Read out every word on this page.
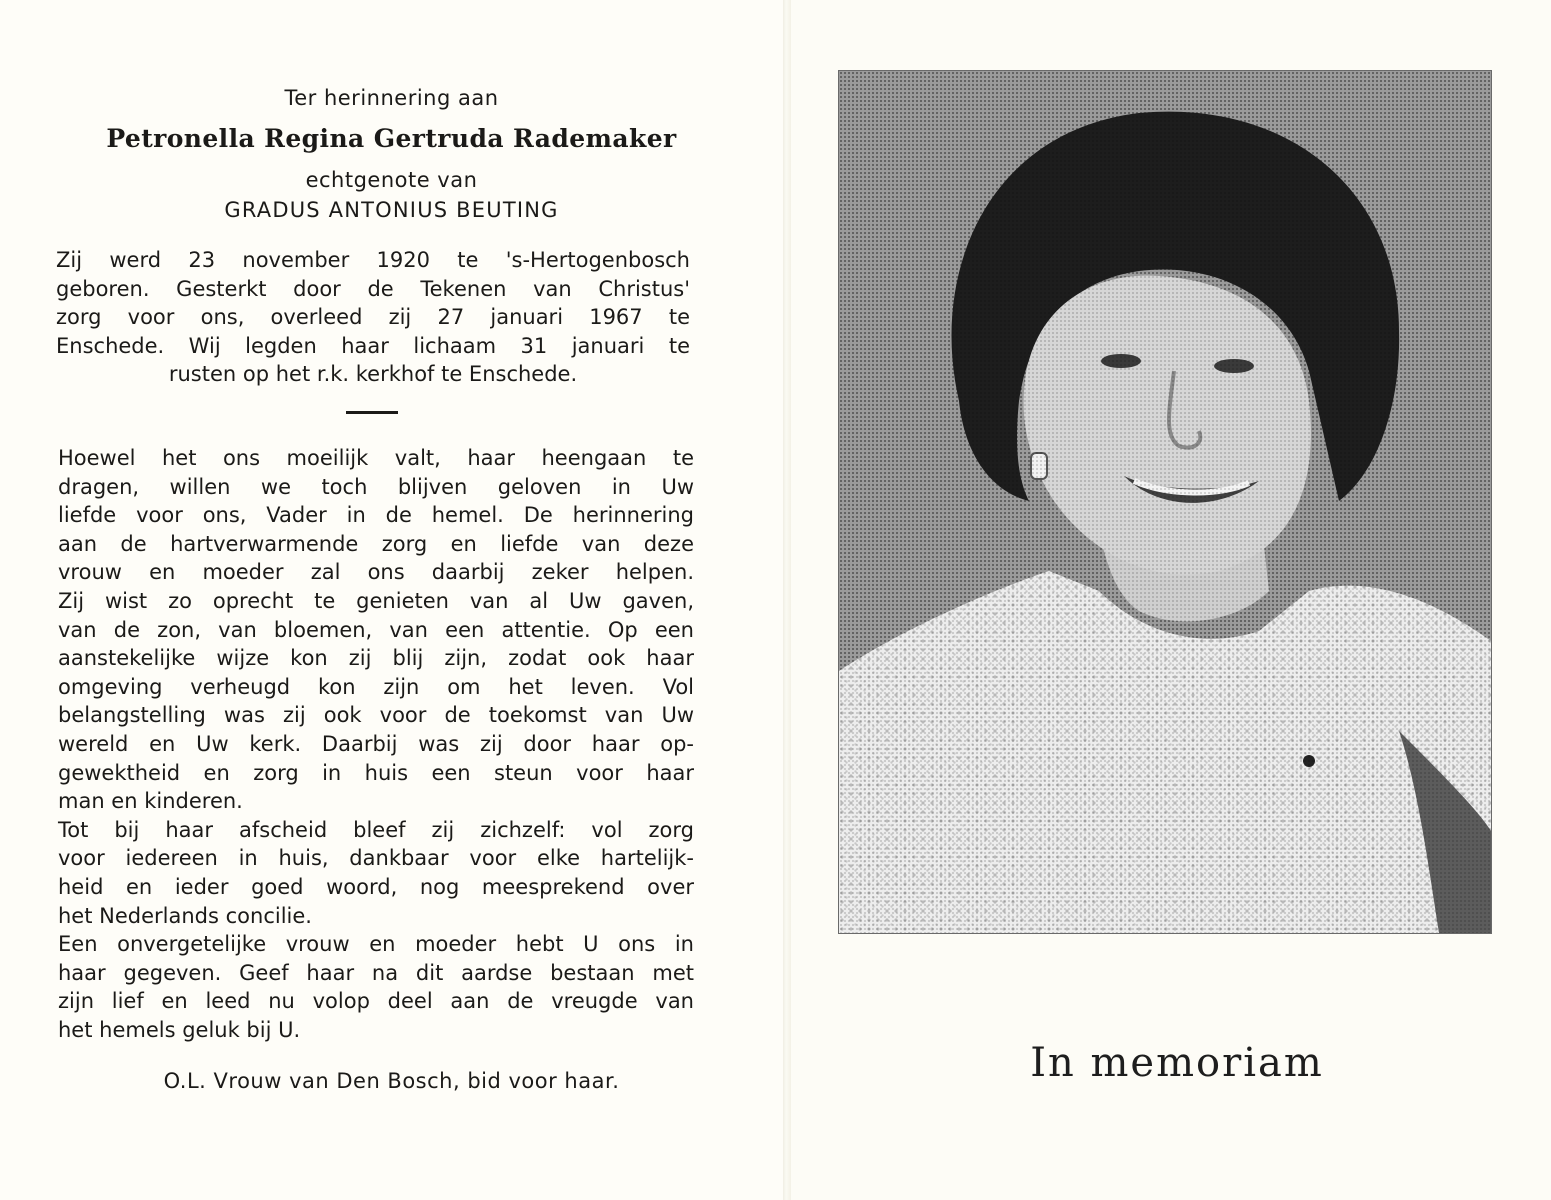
Ter herinnering aan
Petronella Regina Gertruda Rademaker
echtgenote van
GRADUS ANTONIUS BEUTING

Zij werd 23 november 1920 te 's-Hertogenbosch

geboren. Gesterkt door de Tekenen van Christus'

zorg voor ons, overleed zij 27 januari 1967 te

Enschede. Wij legden haar lichaam 31 januari te

rusten op het r.k. kerkhof te Enschede.

Hoewel het ons moeilijk valt, haar heengaan te

dragen, willen we toch blijven geloven in Uw

liefde voor ons, Vader in de hemel. De herinnering

aan de hartverwarmende zorg en liefde van deze

vrouw en moeder zal ons daarbij zeker helpen.

Zij wist zo oprecht te genieten van al Uw gaven,

van de zon, van bloemen, van een attentie. Op een

aanstekelijke wijze kon zij blij zijn, zodat ook haar

omgeving verheugd kon zijn om het leven. Vol

belangstelling was zij ook voor de toekomst van Uw

wereld en Uw kerk. Daarbij was zij door haar op-

gewektheid en zorg in huis een steun voor haar

man en kinderen.

Tot bij haar afscheid bleef zij zichzelf: vol zorg

voor iedereen in huis, dankbaar voor elke hartelijk-

heid en ieder goed woord, nog meesprekend over

het Nederlands concilie.

Een onvergetelijke vrouw en moeder hebt U ons in

haar gegeven. Geef haar na dit aardse bestaan met

zijn lief en leed nu volop deel aan de vreugde van

het hemels geluk bij U.

O.L. Vrouw van Den Bosch, bid voor haar.	In memoriam
